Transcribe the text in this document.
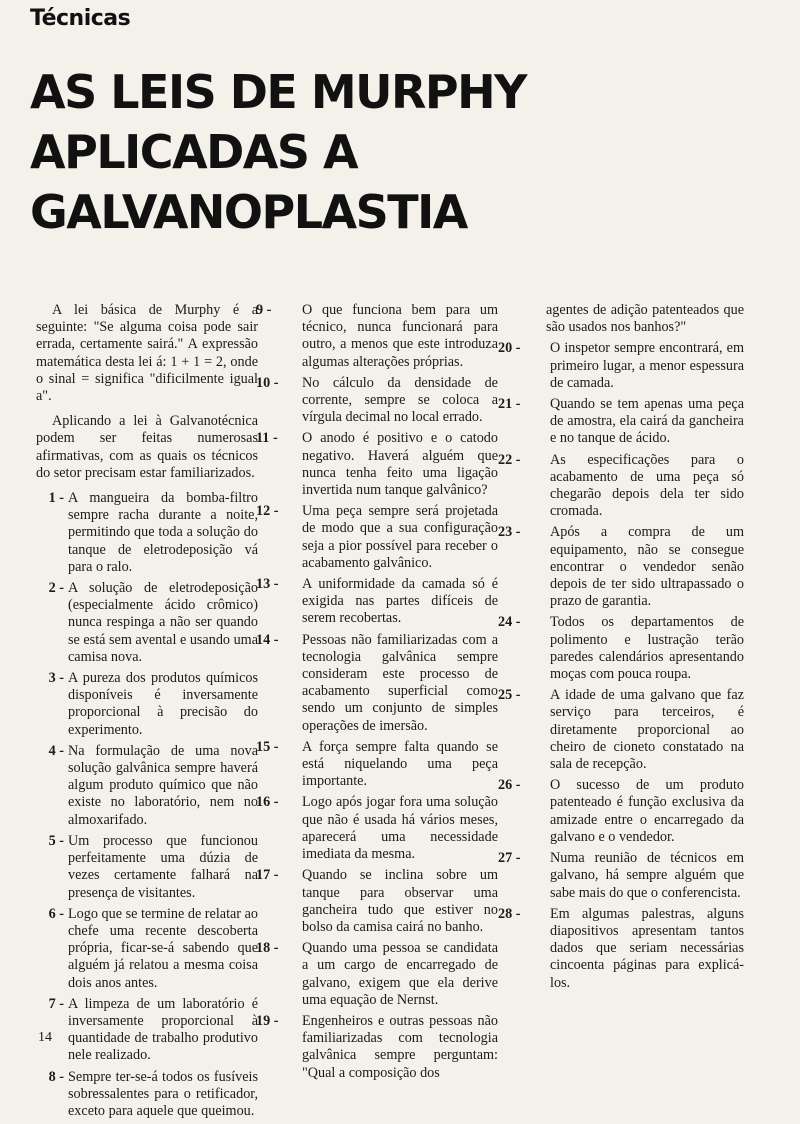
Técnicas
AS LEIS DE MURPHY APLICADAS A GALVANOPLASTIA

A lei básica de Murphy é a seguinte: "Se alguma coisa pode sair errada, certamente sairá." A expressão matemática desta lei á: 1 + 1 = 2, onde o sinal = significa "dificilmente igual a".

Aplicando a lei à Galvanotécnica podem ser feitas numerosas afirmativas, com as quais os técnicos do setor precisam estar familiarizados.

1 - A mangueira da bomba-filtro sempre racha durante a noite, permitindo que toda a solução do tanque de eletrodeposição vá para o ralo.
2 - A solução de eletrodeposição (especialmente ácido crômico) nunca respinga a não ser quando se está sem avental e usando uma camisa nova.
3 - A pureza dos produtos químicos disponíveis é inversamente proporcional à precisão do experimento.
4 - Na formulação de uma nova solução galvânica sempre haverá algum produto químico que não existe no laboratório, nem no almoxarifado.
5 - Um processo que funcionou perfeitamente uma dúzia de vezes certamente falhará na presença de visitantes.
6 - Logo que se termine de relatar ao chefe uma recente descoberta própria, ficar-se-á sabendo que alguém já relatou a mesma coisa dois anos antes.
7 - A limpeza de um laboratório é inversamente proporcional à quantidade de trabalho produtivo nele realizado.
8 - Sempre ter-se-á todos os fusíveis sobressalentes para o retificador, exceto para aquele que queimou.
9 -	O que funciona bem para um técnico, nunca funcionará para outro, a menos que este introduza algumas alterações próprias.
10 -	No cálculo da densidade de corrente, sempre se coloca a vírgula decimal no local errado.
11 -	O anodo é positivo e o catodo negativo. Haverá alguém que nunca tenha feito uma ligação invertida num tanque galvânico?
12 -	Uma peça sempre será projetada de modo que a sua configuração seja a pior possível para receber o acabamento galvânico.
13 -	A uniformidade da camada só é exigida nas partes difíceis de serem recobertas.
14 -	Pessoas não familiarizadas com a tecnologia galvânica sempre consideram este processo de acabamento superficial como sendo um conjunto de simples operações de imersão.
15 -	A força sempre falta quando se está niquelando uma peça importante.
16 -	Logo após jogar fora uma solução que não é usada há vários meses, aparecerá uma necessidade imediata da mesma.
17 -	Quando se inclina sobre um tanque para observar uma gancheira tudo que estiver no bolso da camisa cairá no banho.
18 -	Quando uma pessoa se candidata a um cargo de encarregado de galvano, exigem que ela derive uma equação de Nernst.
19 -	Engenheiros e outras pessoas não familiarizadas com tecnologia galvânica sempre perguntam: "Qual a composição dos
agentes de adição patenteados que são usados nos banhos?"
20 -	O inspetor sempre encontrará, em primeiro lugar, a menor espessura de camada.
21 -	Quando se tem apenas uma peça de amostra, ela cairá da gancheira e no tanque de ácido.
22 -	As especificações para o acabamento de uma peça só chegarão depois dela ter sido cromada.
23 -	Após a compra de um equipamento, não se consegue encontrar o vendedor senão depois de ter sido ultrapassado o prazo de garantia.
24 -	Todos os departamentos de polimento e lustração terão paredes calendários apresentando moças com pouca roupa.
25 -	A idade de uma galvano que faz serviço para terceiros, é diretamente proporcional ao cheiro de cioneto constatado na sala de recepção.
26 -	O sucesso de um produto patenteado é função exclusiva da amizade entre o encarregado da galvano e o vendedor.
27 -	Numa reunião de técnicos em galvano, há sempre alguém que sabe mais do que o conferencista.
28 -	Em algumas palestras, alguns diapositivos apresentam tantos dados que seriam necessárias cincoenta páginas para explicá-los.
14
